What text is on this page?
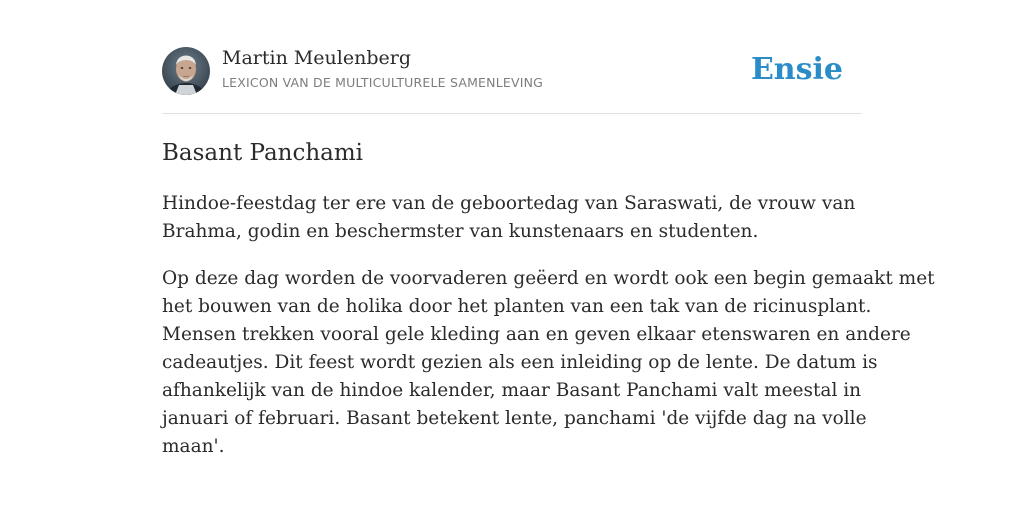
Martin Meulenberg
LEXICON VAN DE MULTICULTURELE SAMENLEVING	Ensie
Basant Panchami

Hindoe-feestdag ter ere van de geboortedag van Saraswati, de vrouw van
Brahma, godin en beschermster van kunstenaars en studenten.

Op deze dag worden de voorvaderen geëerd en wordt ook een begin gemaakt met
het bouwen van de holika door het planten van een tak van de ricinusplant.
Mensen trekken vooral gele kleding aan en geven elkaar etenswaren en andere
cadeautjes. Dit feest wordt gezien als een inleiding op de lente. De datum is
afhankelijk van de hindoe kalender, maar Basant Panchami valt meestal in
januari of februari. Basant betekent lente, panchami 'de vijfde dag na volle
maan'.
